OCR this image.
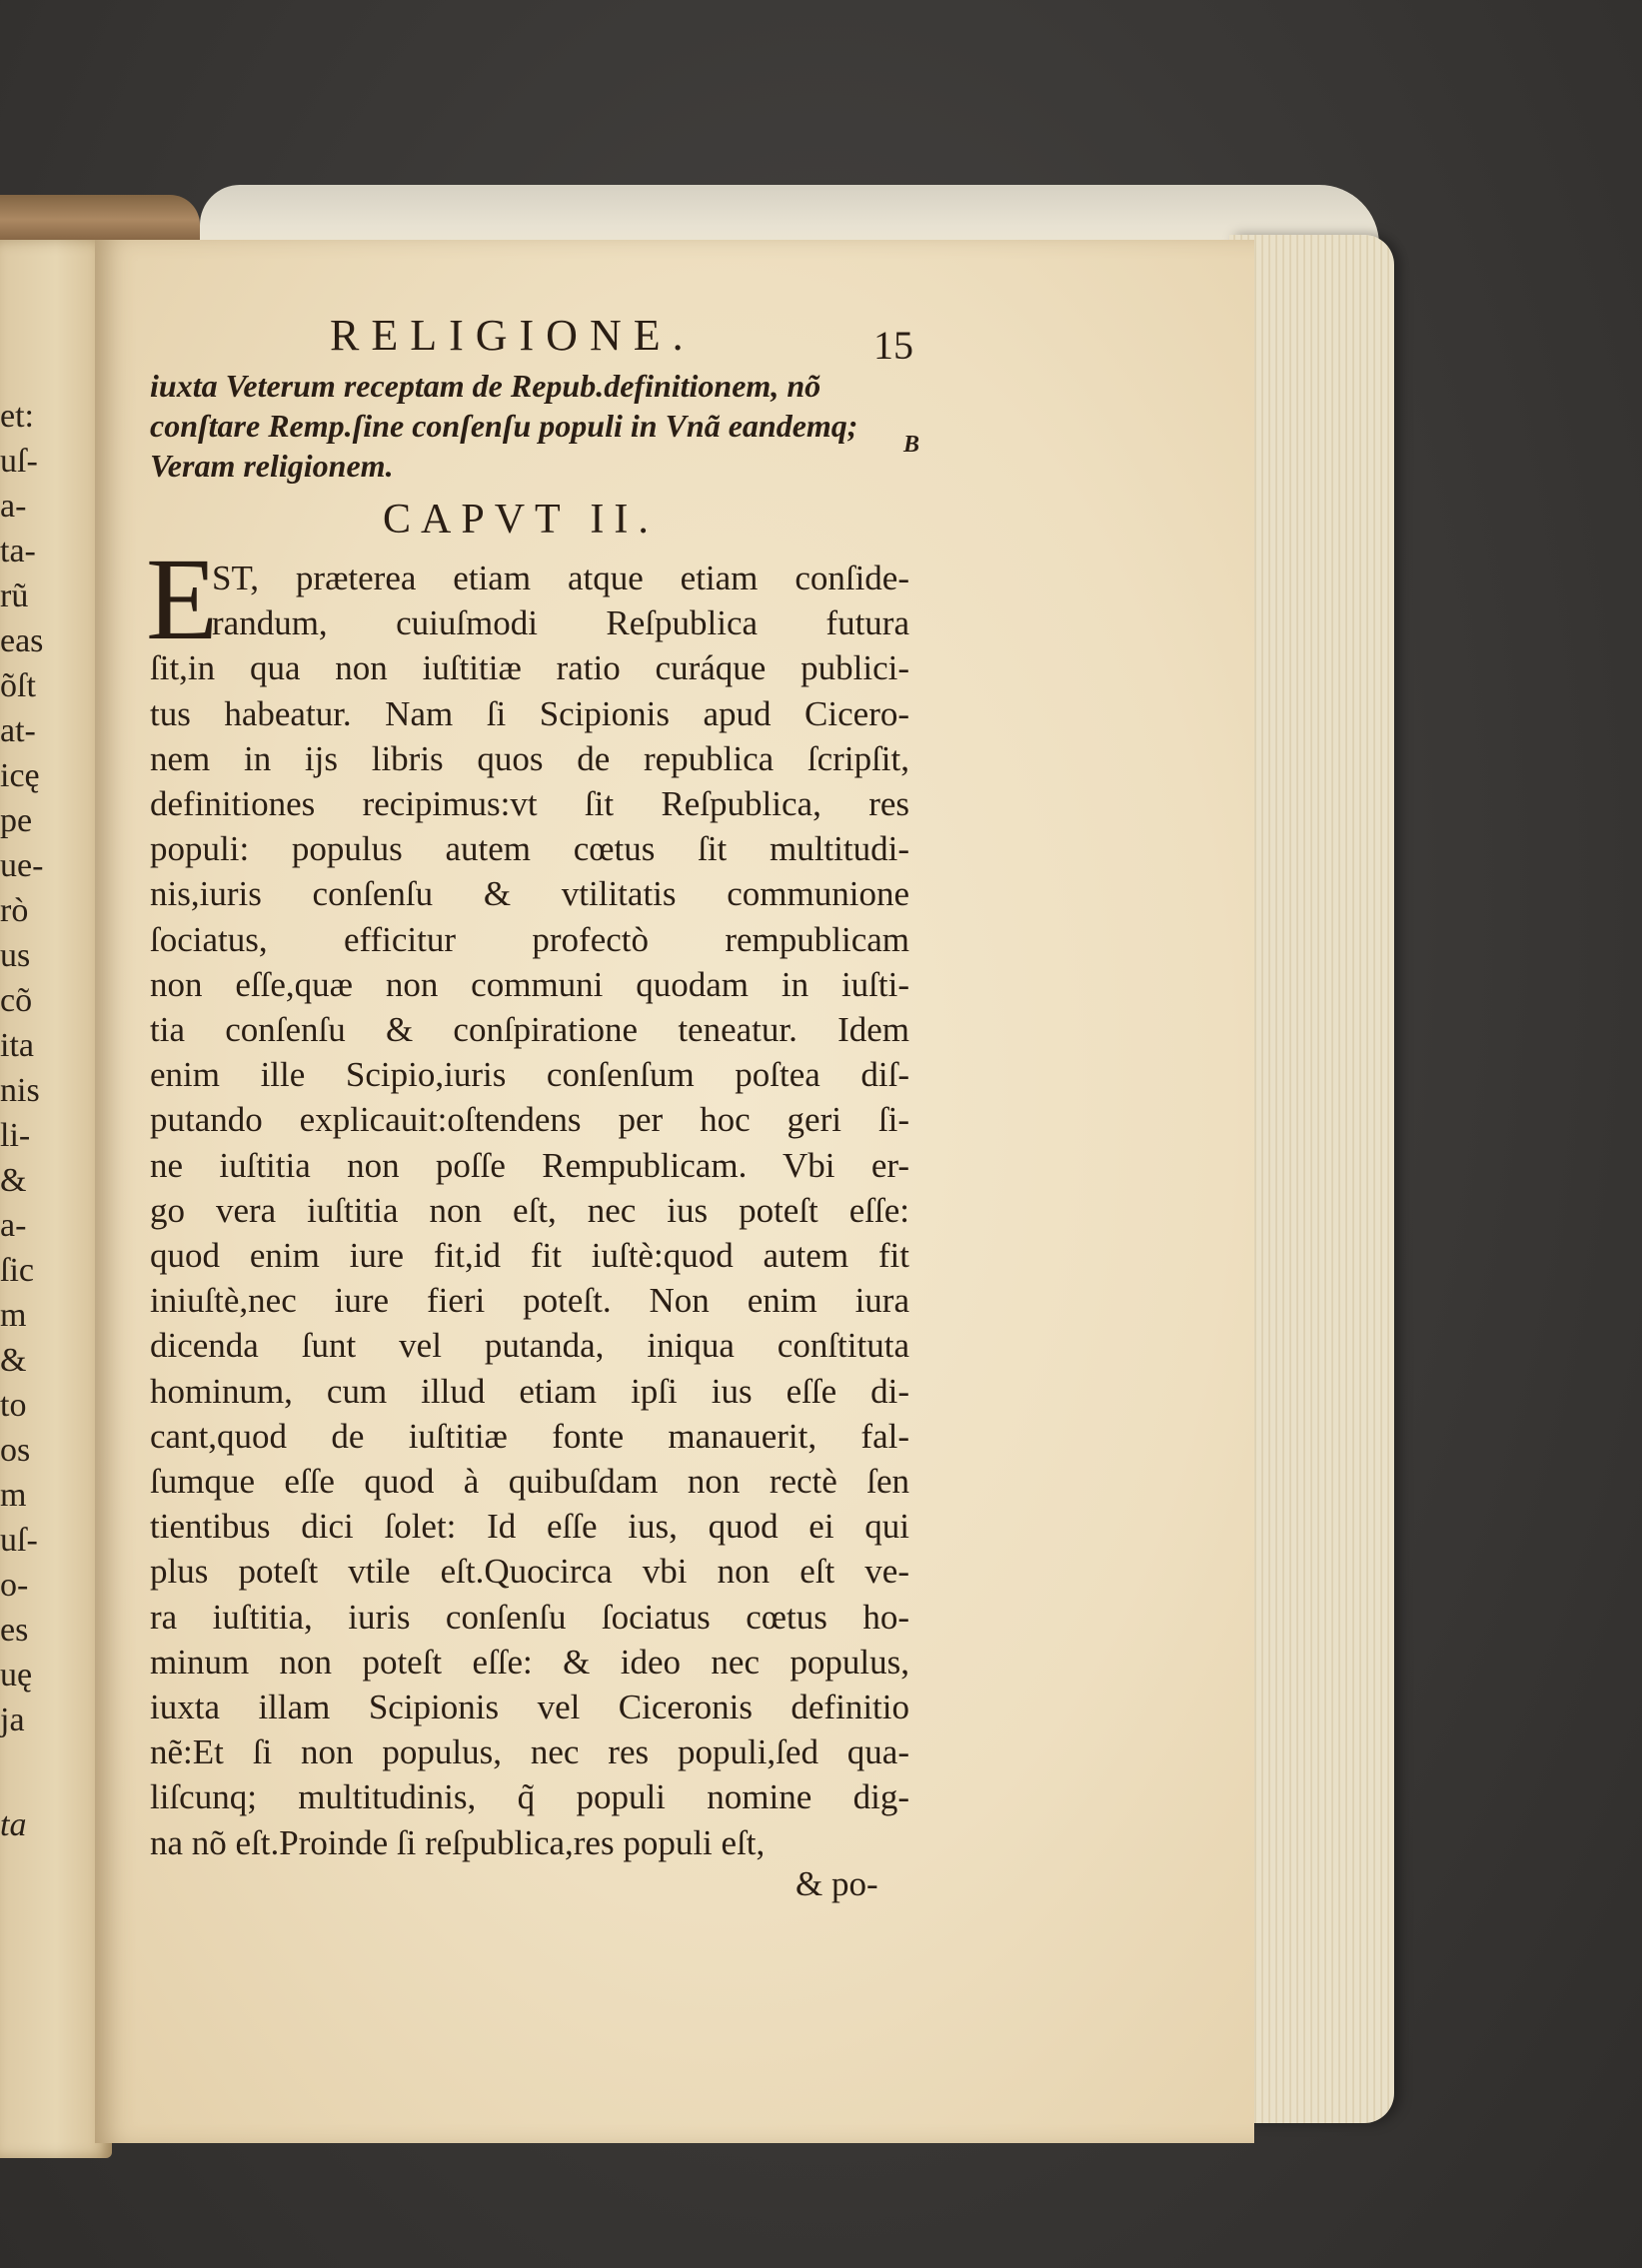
et:
uſ-
a-
ta-
rũ
eas
õſt
at-
icę
pe
ue-
rò
us
cõ
ita
nis
li-
&
a-
ſic
m
&
to
os
m
uſ-
o-
es
uę
ja
ta
RELIGIONE.	15
iuxta Veterum receptam de Repub.definitionem, nõ
conſtare Remp.ſine conſenſu populi in Vnã eandemq;
Veram religionem.
B
CAPVT II.
E
ST, præterea etiam atque etiam conſide-
randum, cuiuſmodi Reſpublica futura
ſit,in qua non iuſtitiæ ratio curáque publici-
tus habeatur. Nam ſi Scipionis apud Cicero-
nem in ijs libris quos de republica ſcripſit,
definitiones recipimus:vt ſit Reſpublica, res
populi: populus autem cœtus ſit multitudi-
nis,iuris conſenſu & vtilitatis communione
ſociatus, efficitur profectò rempublicam
non eſſe,quæ non communi quodam in iuſti-
tia conſenſu & conſpiratione teneatur. Idem
enim ille Scipio,iuris conſenſum poſtea diſ-
putando explicauit:oſtendens per hoc geri ſi-
ne iuſtitia non poſſe Rempublicam. Vbi er-
go vera iuſtitia non eſt, nec ius poteſt eſſe:
quod enim iure fit,id fit iuſtè:quod autem fit
iniuſtè,nec iure fieri poteſt. Non enim iura
dicenda ſunt vel putanda, iniqua conſtituta
hominum, cum illud etiam ipſi ius eſſe di-
cant,quod de iuſtitiæ fonte manauerit, fal-
ſumque eſſe quod à quibuſdam non rectè ſen
tientibus dici ſolet: Id eſſe ius, quod ei qui
plus poteſt vtile eſt.Quocirca vbi non eſt ve-
ra iuſtitia, iuris conſenſu ſociatus cœtus ho-
minum non poteſt eſſe: & ideo nec populus,
iuxta illam Scipionis vel Ciceronis definitio
nẽ:Et ſi non populus, nec res populi,ſed qua-
liſcunq; multitudinis, q̃ populi nomine dig-
na nõ eſt.Proinde ſi reſpublica,res populi eſt,
& po-
